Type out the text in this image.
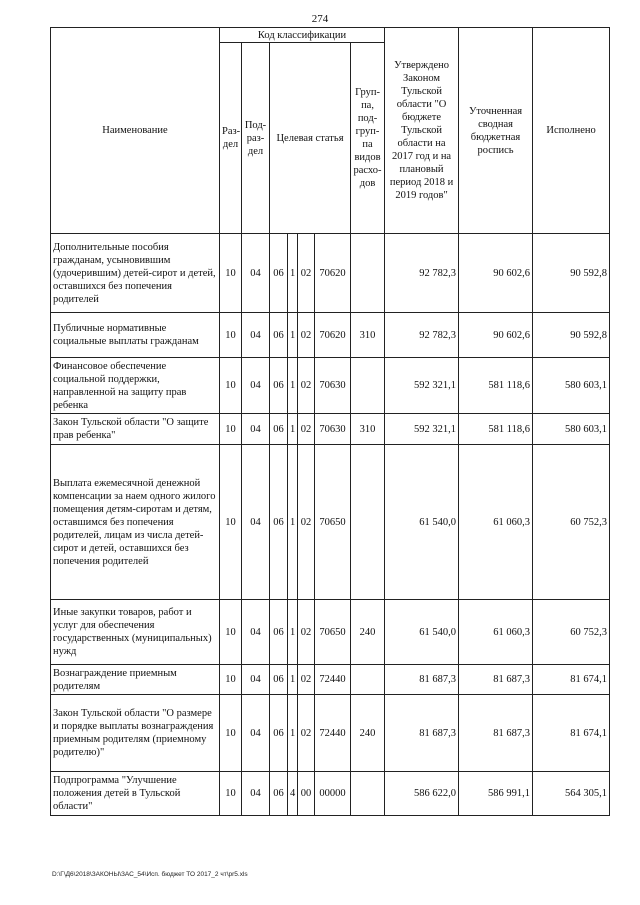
274
Наименование	Код классификации							Утверждено Законом Тульской области "О бюджете Тульской области на 2017 год и на плановый период 2018 и 2019 годов"	Уточненная сводная бюджетная роспись	Исполнено
	Раз-дел	Под-раз-дел	Целевая статья				Груп-па, под-груп-па видов расхо-дов			
Дополнительные пособия гражданам, усыновившим (удочерившим) детей-сирот и детей, оставшихся без попечения родителей	10	04	06	1	02	70620		92 782,3	90 602,6	90 592,8
Публичные нормативные социальные выплаты гражданам	10	04	06	1	02	70620	310	92 782,3	90 602,6	90 592,8
Финансовое обеспечение социальной поддержки, направленной на защиту прав ребенка	10	04	06	1	02	70630		592 321,1	581 118,6	580 603,1
Закон Тульской области "О защите прав ребенка"	10	04	06	1	02	70630	310	592 321,1	581 118,6	580 603,1
Выплата ежемесячной денежной компенсации за наем одного жилого помещения детям-сиротам и детям, оставшимся без попечения родителей, лицам из числа детей-сирот и детей, оставшихся без попечения родителей	10	04	06	1	02	70650		61 540,0	61 060,3	60 752,3
Иные закупки товаров, работ и услуг для обеспечения государственных (муниципальных) нужд	10	04	06	1	02	70650	240	61 540,0	61 060,3	60 752,3
Вознаграждение приемным родителям	10	04	06	1	02	72440		81 687,3	81 687,3	81 674,1
Закон Тульской области "О размере и порядке выплаты вознаграждения приемным родителям (приемному родителю)"	10	04	06	1	02	72440	240	81 687,3	81 687,3	81 674,1
Подпрограмма "Улучшение положения детей в Тульской области"	10	04	06	4	00	00000		586 622,0	586 991,1	564 305,1
D:\Г\Д6\2018\ЗАКОНЫ\ЗАС_54\Исп. бюджет ТО 2017_2 чт\pr5.xls
